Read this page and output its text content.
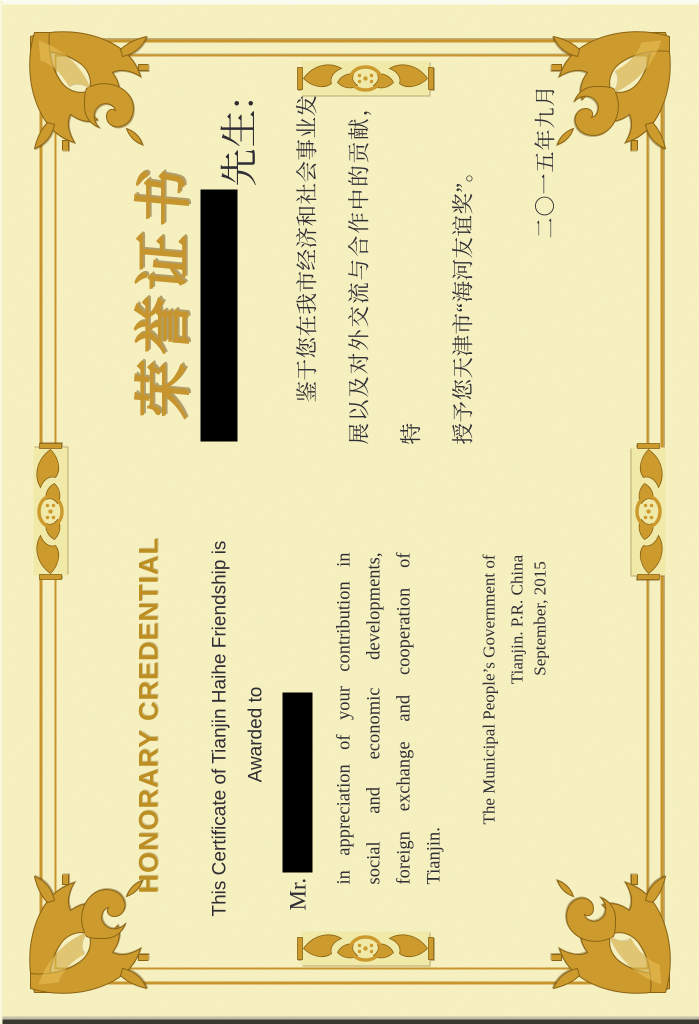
HONORARY CREDENTIAL This Certificate of Tianjin Haihe Friendship is Awarded to
Mr.
in appreciation of your contribution in social and economic developments, foreign exchange and cooperation of Tianjin.
The Municipal People’s Government of Tianjin. P.R. China September, 2015
荣誉证书
先生:	鉴于您在我市经济和社会事业发	展以及对外交流与合作中的贡献，特	授予您天津市“海河友谊奖”。	二〇一五年九月
